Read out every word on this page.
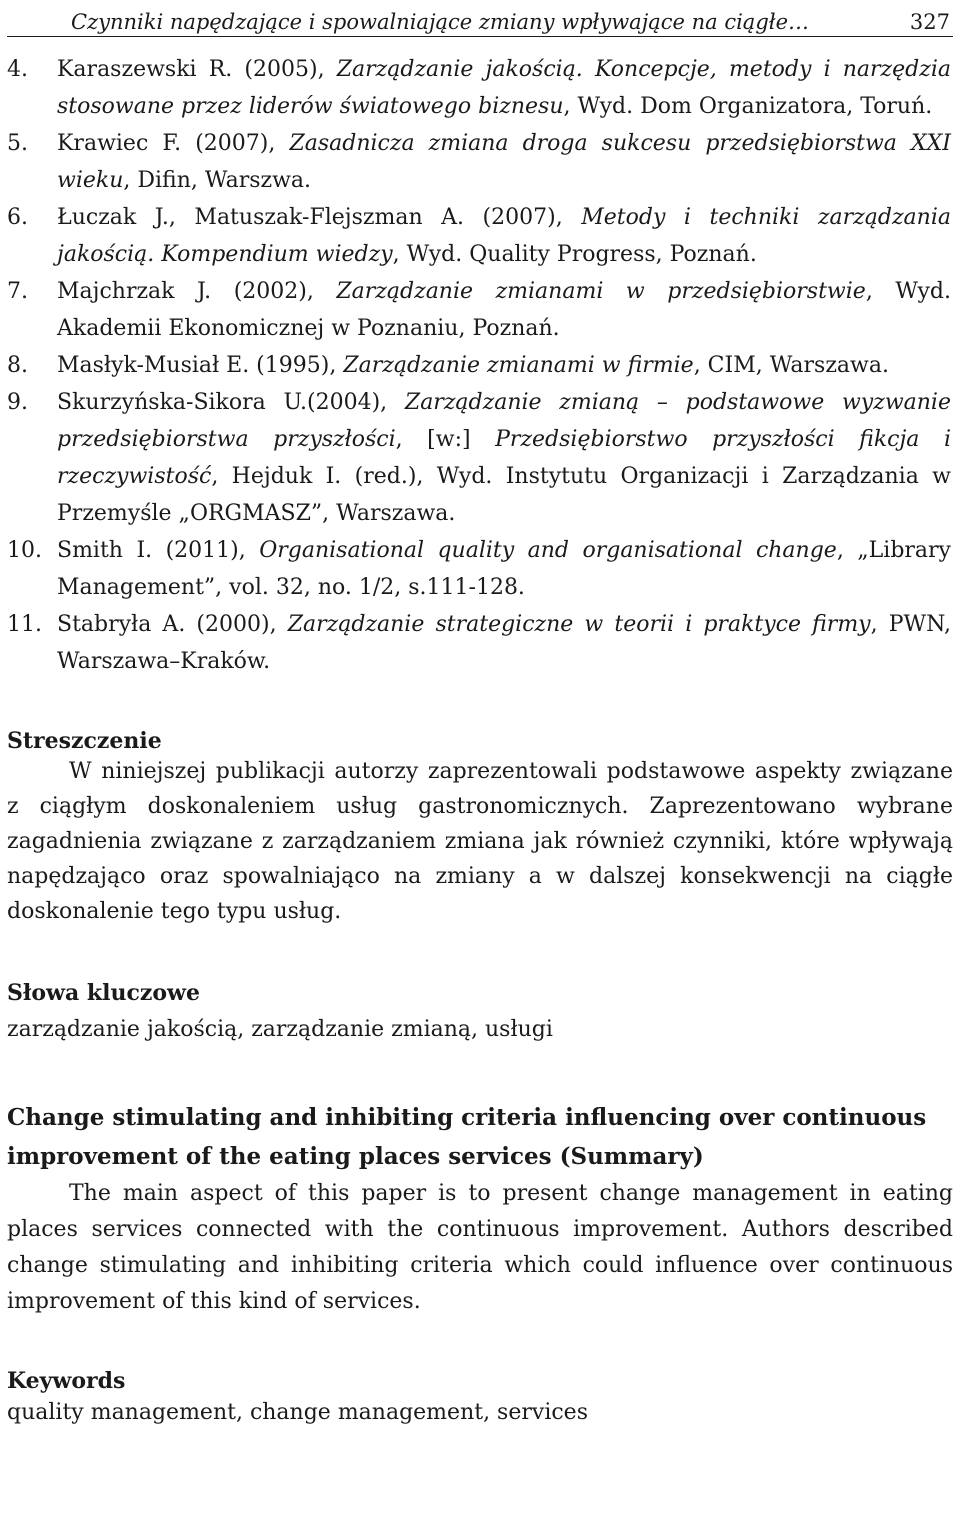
Czynniki napędzające i spowalniające zmiany wpływające na ciągłe…	327
4.	Karaszewski R. (2005), Zarządzanie jakością. Koncepcje, metody i narzędzia stosowane przez liderów światowego biznesu, Wyd. Dom Organizatora, Toruń.
5.	Krawiec F. (2007), Zasadnicza zmiana droga sukcesu przedsiębiorstwa XXI wieku, Difin, Warszwa.
6.	Łuczak J., Matuszak-Flejszman A. (2007), Metody i techniki zarządzania jakością. Kompendium wiedzy, Wyd. Quality Progress, Poznań.
7.	Majchrzak J. (2002), Zarządzanie zmianami w przedsiębiorstwie, Wyd. Akademii Ekonomicznej w Poznaniu, Poznań.
8.	Masłyk-Musiał E. (1995), Zarządzanie zmianami w firmie, CIM, Warszawa.
9.	Skurzyńska-Sikora U.(2004), Zarządzanie zmianą – podstawowe wyzwanie przedsiębiorstwa przyszłości, [w:] Przedsiębiorstwo przyszłości fikcja i rzeczywistość, Hejduk I. (red.), Wyd. Instytutu Organizacji i Zarządzania w Przemyśle „ORGMASZ”, Warszawa.
10. Smith I. (2011), Organisational quality and organisational change, „Library Management”, vol. 32, no. 1/2, s.111-128.
11. Stabryła A. (2000), Zarządzanie strategiczne w teorii i praktyce firmy, PWN, Warszawa–Kraków.
Streszczenie

W niniejszej publikacji autorzy zaprezentowali podstawowe aspekty związane z ciągłym doskonaleniem usług gastronomicznych. Zaprezentowano wybrane zagadnienia związane z zarządzaniem zmiana jak również czynniki, które wpływają napędzająco oraz spowalniająco na zmiany a w dalszej konsekwencji na ciągłe doskonalenie tego typu usług.

Słowa kluczowe

zarządzanie jakością, zarządzanie zmianą, usługi

Change stimulating and inhibiting criteria influencing over continuous improvement of the eating places services (Summary)

The main aspect of this paper is to present change management in eating places services connected with the continuous improvement. Authors described change stimulating and inhibiting criteria which could influence over continuous improvement of this kind of services.

Keywords

quality management, change management, services
